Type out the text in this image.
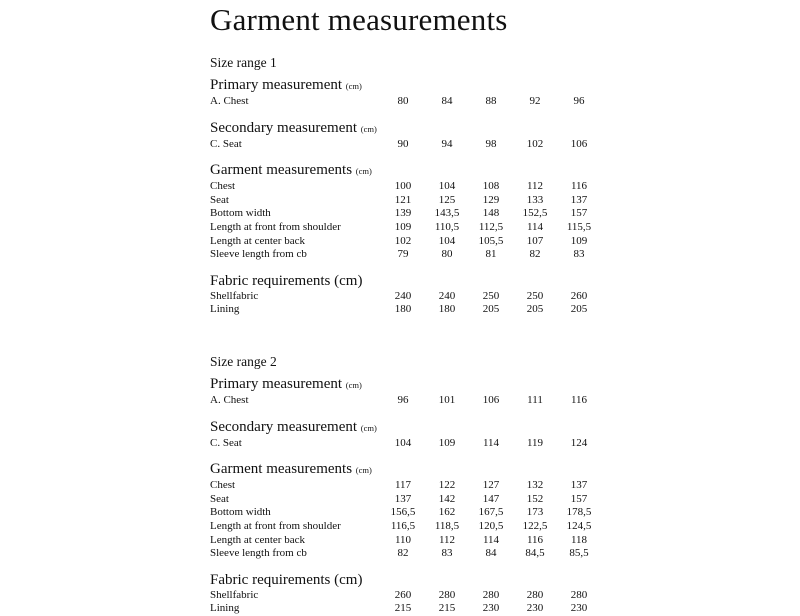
Garment measurements
Size range 1
Primary measurement (cm)
A. Chest	80	84	88	92	96
Secondary measurement (cm)
C. Seat	90	94	98	102	106
Garment measurements (cm)
Chest	100	104	108	112	116
Seat	121	125	129	133	137
Bottom width	139	143,5	148	152,5	157
Length at front from shoulder	109	110,5	112,5	114	115,5
Length at center back	102	104	105,5	107	109
Sleeve length from cb	79	80	81	82	83
Fabric requirements (cm)
Shellfabric	240	240	250	250	260
Lining	180	180	205	205	205
Size range 2
Primary measurement (cm)
A. Chest	96	101	106	111	116
Secondary measurement (cm)
C. Seat	104	109	114	119	124
Garment measurements (cm)
Chest	117	122	127	132	137
Seat	137	142	147	152	157
Bottom width	156,5	162	167,5	173	178,5
Length at front from shoulder	116,5	118,5	120,5	122,5	124,5
Length at center back	110	112	114	116	118
Sleeve length from cb	82	83	84	84,5	85,5
Fabric requirements (cm)
Shellfabric	260	280	280	280	280
Lining	215	215	230	230	230
